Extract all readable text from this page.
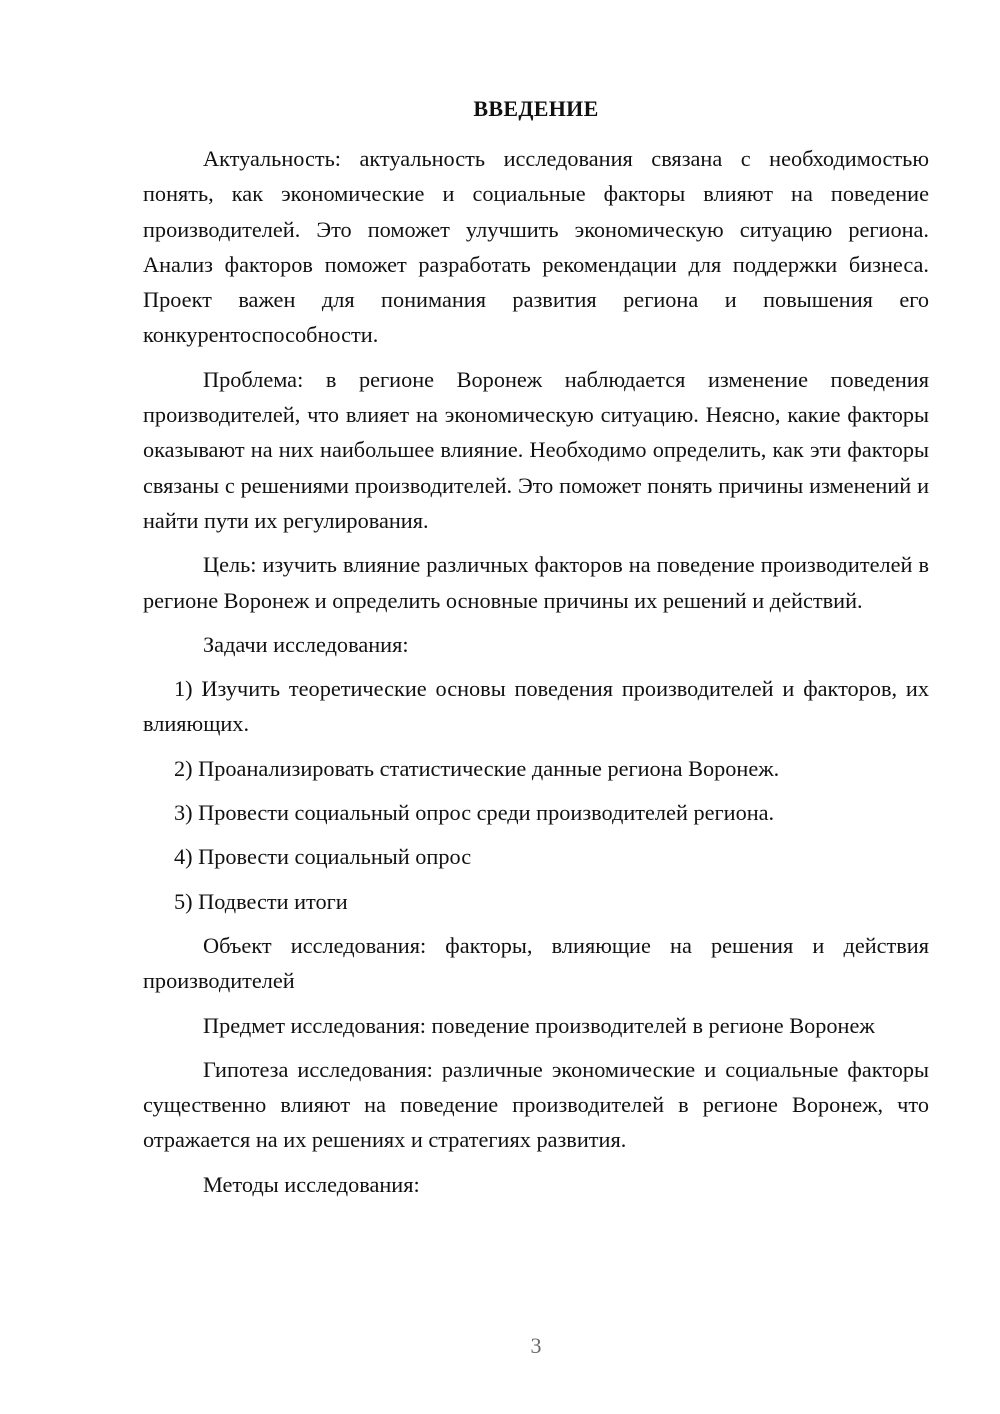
ВВЕДЕНИЕ

Актуальность: актуальность исследования связана с необходимостью понять, как экономические и социальные факторы влияют на поведение производителей. Это поможет улучшить экономическую ситуацию региона. Анализ факторов поможет разработать рекомендации для поддержки бизнеса. Проект важен для понимания развития региона и повышения его конкурентоспособности.

Проблема: в регионе Воронеж наблюдается изменение поведения производителей, что влияет на экономическую ситуацию. Неясно, какие факторы оказывают на них наибольшее влияние. Необходимо определить, как эти факторы связаны с решениями производителей. Это поможет понять причины изменений и найти пути их регулирования.

Цель: изучить влияние различных факторов на поведение производителей в регионе Воронеж и определить основные причины их решений и действий.

Задачи исследования:

1) Изучить теоретические основы поведения производителей и факторов, их влияющих.

2) Проанализировать статистические данные региона Воронеж.

3) Провести социальный опрос среди производителей региона.

4) Провести социальный опрос

5) Подвести итоги

Объект исследования: факторы, влияющие на решения и действия производителей

Предмет исследования: поведение производителей в регионе Воронеж

Гипотеза исследования: различные экономические и социальные факторы существенно влияют на поведение производителей в регионе Воронеж, что отражается на их решениях и стратегиях развития.

Методы исследования:

3
